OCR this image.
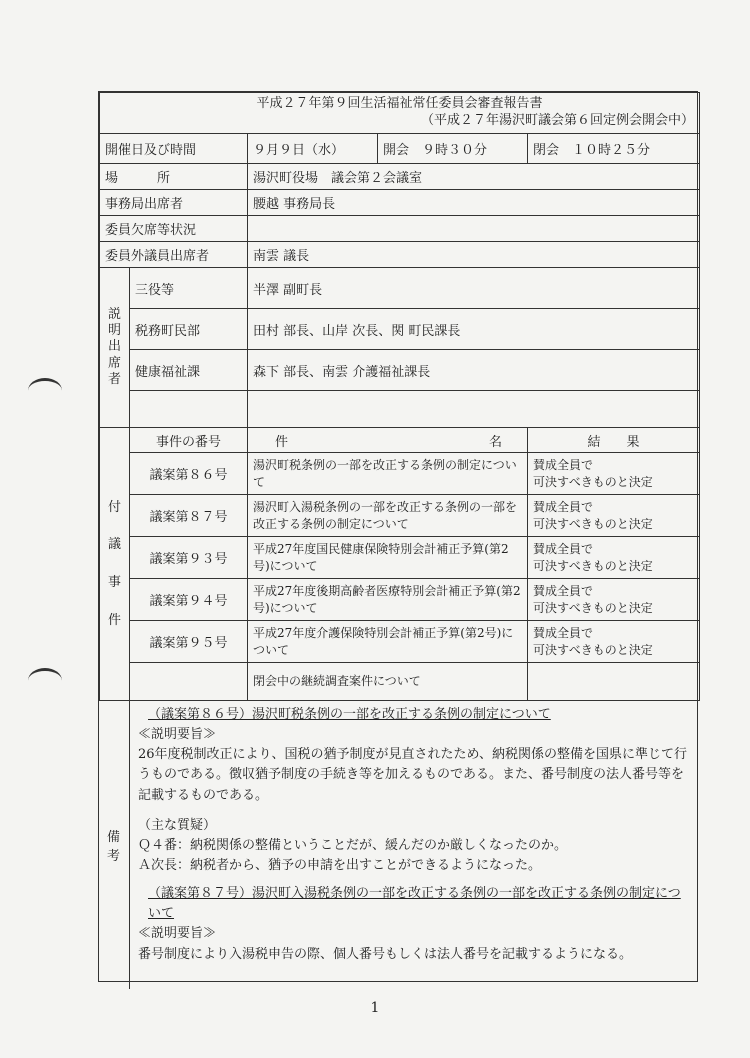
平成２７年第９回生活福祉常任委員会審査報告書
（平成２７年湯沢町議会第６回定例会開会中）				

開催日及び時間		９月９日（水）	開会　 ９時３０分	閉会　 １０時２５分
場　　　所		湯沢町役場　議会第２会議室		
事務局出席者		腰越 事務局長		
委員欠席等状況				
委員外議員出席者		南雲 議長		

説明出席者	三役等	半澤 副町長		
	税務町民部	田村 部長、山岸 次長、関 町民課長		
	健康福祉課	森下 部長、南雲 介護福祉課長		

付議事件	事件の番号	件 名		結　　果
	議案第８６号	湯沢町税条例の一部を改正する条例の制定について		賛成全員で
可決すべきものと決定

	議案第８７号	湯沢町入湯税条例の一部を改正する条例の一部を改正する条例の制定について		賛成全員で
可決すべきものと決定

	議案第９３号	平成27年度国民健康保険特別会計補正予算(第2号)について		賛成全員で
可決すべきものと決定

	議案第９４号	平成27年度後期高齢者医療特別会計補正予算(第2号)について		賛成全員で
可決すべきものと決定

	議案第９５号	平成27年度介護保険特別会計補正予算(第2号)について		賛成全員で
可決すべきものと決定

		閉会中の継続調査案件について		
備考
（議案第８６号）湯沢町税条例の一部を改正する条例の制定について
≪説明要旨≫
26年度税制改正により、国税の猶予制度が見直されたため、納税関係の整備を国県に準じて行うものである。徴収猶予制度の手続き等を加えるものである。また、番号制度の法人番号等を記載するものである。
（主な質疑）
Ｑ４番：納税関係の整備ということだが、緩んだのか厳しくなったのか。
Ａ次長：納税者から、猶予の申請を出すことができるようになった。
（議案第８７号）湯沢町入湯税条例の一部を改正する条例の一部を改正する条例の制定について
≪説明要旨≫
番号制度により入湯税申告の際、個人番号もしくは法人番号を記載するようになる。
1
